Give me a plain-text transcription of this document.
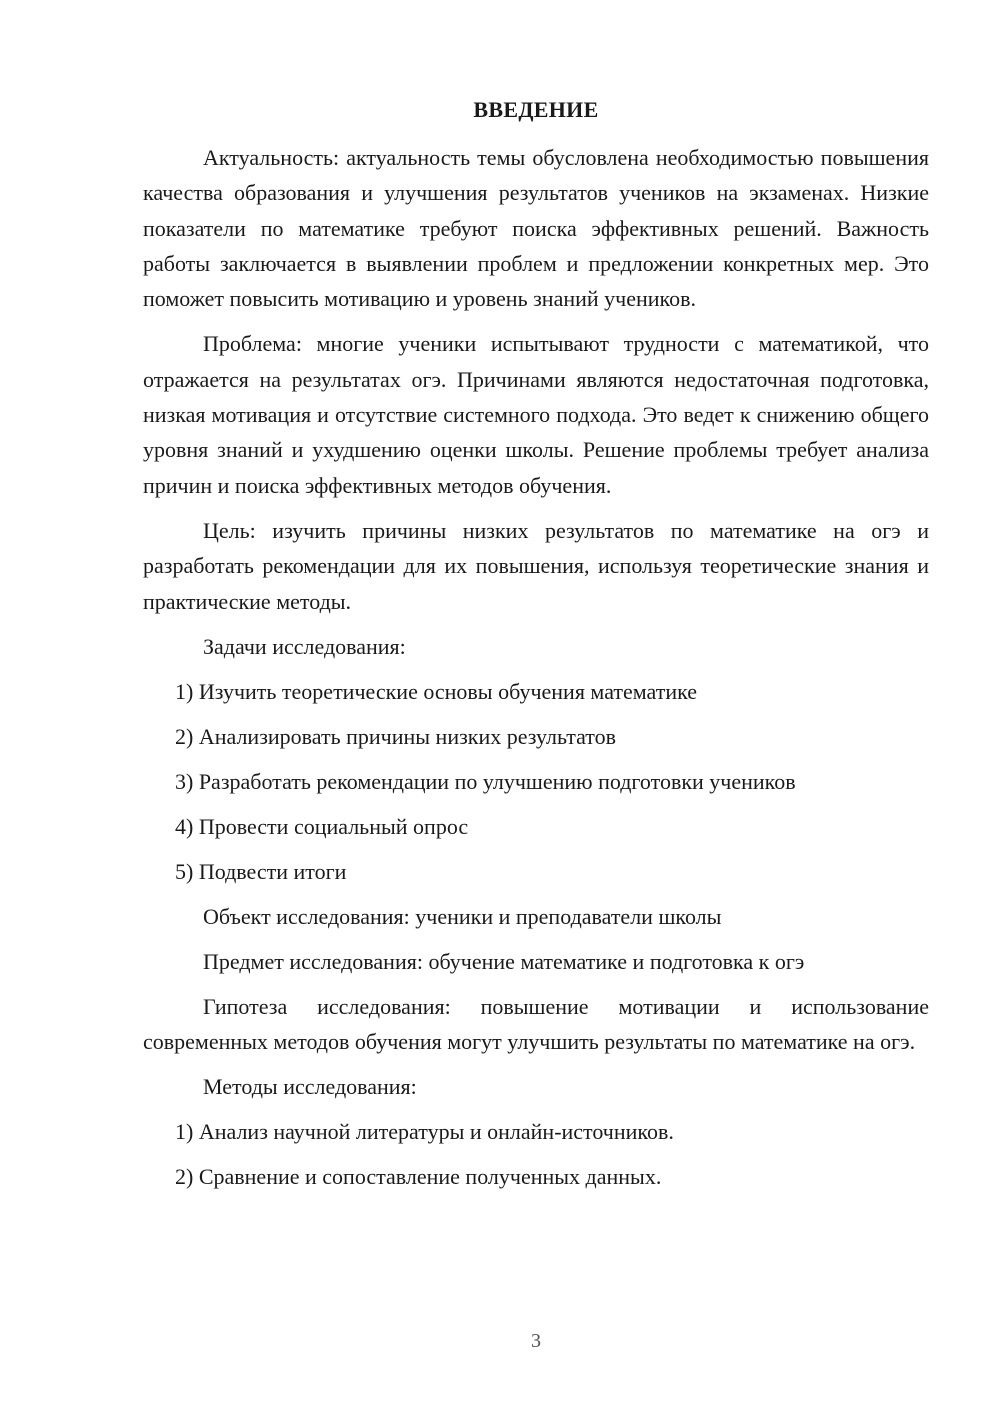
ВВЕДЕНИЕ

Актуальность: актуальность темы обусловлена необходимостью повышения качества образования и улучшения результатов учеников на экзаменах. Низкие показатели по математике требуют поиска эффективных решений. Важность работы заключается в выявлении проблем и предложении конкретных мер. Это поможет повысить мотивацию и уровень знаний учеников.

Проблема: многие ученики испытывают трудности с математикой, что отражается на результатах огэ. Причинами являются недостаточная подготовка, низкая мотивация и отсутствие системного подхода. Это ведет к снижению общего уровня знаний и ухудшению оценки школы. Решение проблемы требует анализа причин и поиска эффективных методов обучения.

Цель: изучить причины низких результатов по математике на огэ и разработать рекомендации для их повышения, используя теоретические знания и практические методы.

Задачи исследования:
1) Изучить теоретические основы обучения математике
2) Анализировать причины низких результатов
3) Разработать рекомендации по улучшению подготовки учеников
4) Провести социальный опрос
5) Подвести итоги
Объект исследования: ученики и преподаватели школы
Предмет исследования: обучение математике и подготовка к огэ

Гипотеза исследования: повышение мотивации и использование современных методов обучения могут улучшить результаты по математике на огэ.

Методы исследования:
1) Анализ научной литературы и онлайн-источников.
2) Сравнение и сопоставление полученных данных.
3
